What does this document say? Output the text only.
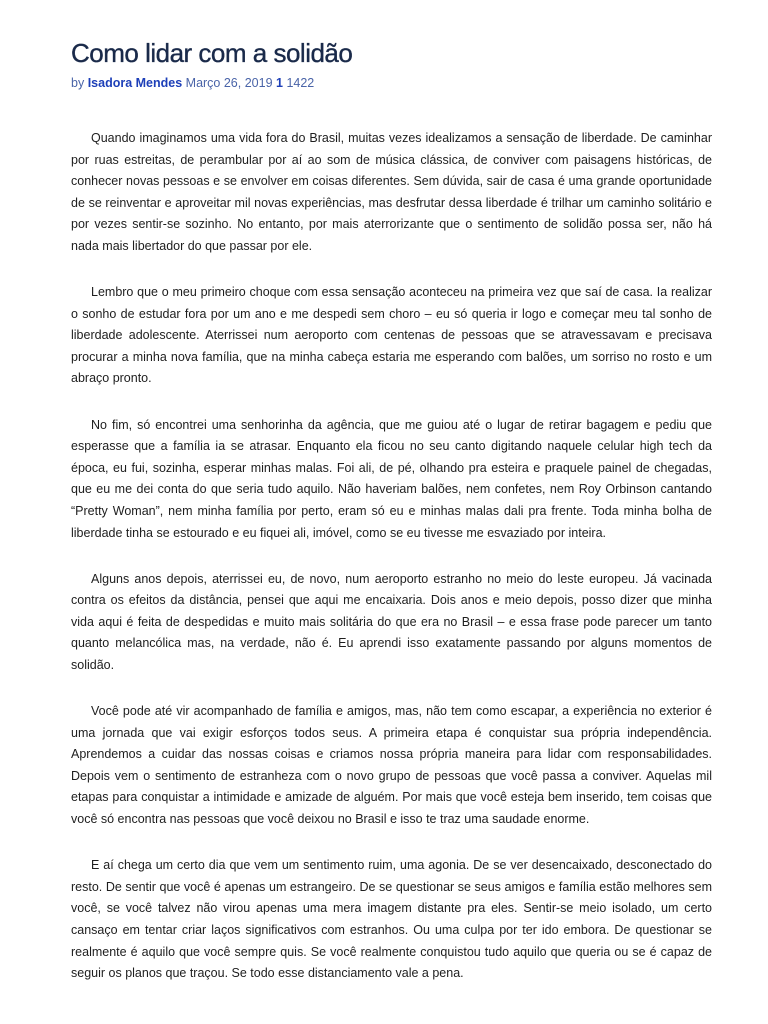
Como lidar com a solidão
by Isadora Mendes Março 26, 2019 1 1422

Quando imaginamos uma vida fora do Brasil, muitas vezes idealizamos a sensação de liberdade. De caminhar por ruas estreitas, de perambular por aí ao som de música clássica, de conviver com paisagens históricas, de conhecer novas pessoas e se envolver em coisas diferentes. Sem dúvida, sair de casa é uma grande oportunidade de se reinventar e aproveitar mil novas experiências, mas desfrutar dessa liberdade é trilhar um caminho solitário e por vezes sentir-se sozinho. No entanto, por mais aterrorizante que o sentimento de solidão possa ser, não há nada mais libertador do que passar por ele.

Lembro que o meu primeiro choque com essa sensação aconteceu na primeira vez que saí de casa. Ia realizar o sonho de estudar fora por um ano e me despedi sem choro – eu só queria ir logo e começar meu tal sonho de liberdade adolescente. Aterrissei num aeroporto com centenas de pessoas que se atravessavam e precisava procurar a minha nova família, que na minha cabeça estaria me esperando com balões, um sorriso no rosto e um abraço pronto.

No fim, só encontrei uma senhorinha da agência, que me guiou até o lugar de retirar bagagem e pediu que esperasse que a família ia se atrasar. Enquanto ela ficou no seu canto digitando naquele celular high tech da época, eu fui, sozinha, esperar minhas malas. Foi ali, de pé, olhando pra esteira e praquele painel de chegadas, que eu me dei conta do que seria tudo aquilo. Não haveriam balões, nem confetes, nem Roy Orbinson cantando “Pretty Woman”, nem minha família por perto, eram só eu e minhas malas dali pra frente. Toda minha bolha de liberdade tinha se estourado e eu fiquei ali, imóvel, como se eu tivesse me esvaziado por inteira.

Alguns anos depois, aterrissei eu, de novo, num aeroporto estranho no meio do leste europeu. Já vacinada contra os efeitos da distância, pensei que aqui me encaixaria. Dois anos e meio depois, posso dizer que minha vida aqui é feita de despedidas e muito mais solitária do que era no Brasil – e essa frase pode parecer um tanto quanto melancólica mas, na verdade, não é. Eu aprendi isso exatamente passando por alguns momentos de solidão.

Você pode até vir acompanhado de família e amigos, mas, não tem como escapar, a experiência no exterior é uma jornada que vai exigir esforços todos seus. A primeira etapa é conquistar sua própria independência. Aprendemos a cuidar das nossas coisas e criamos nossa própria maneira para lidar com responsabilidades. Depois vem o sentimento de estranheza com o novo grupo de pessoas que você passa a conviver. Aquelas mil etapas para conquistar a intimidade e amizade de alguém. Por mais que você esteja bem inserido, tem coisas que você só encontra nas pessoas que você deixou no Brasil e isso te traz uma saudade enorme.

E aí chega um certo dia que vem um sentimento ruim, uma agonia. De se ver desencaixado, desconectado do resto. De sentir que você é apenas um estrangeiro. De se questionar se seus amigos e família estão melhores sem você, se você talvez não virou apenas uma mera imagem distante pra eles. Sentir-se meio isolado, um certo cansaço em tentar criar laços significativos com estranhos. Ou uma culpa por ter ido embora. De questionar se realmente é aquilo que você sempre quis. Se você realmente conquistou tudo aquilo que queria ou se é capaz de seguir os planos que traçou. Se todo esse distanciamento vale a pena.
